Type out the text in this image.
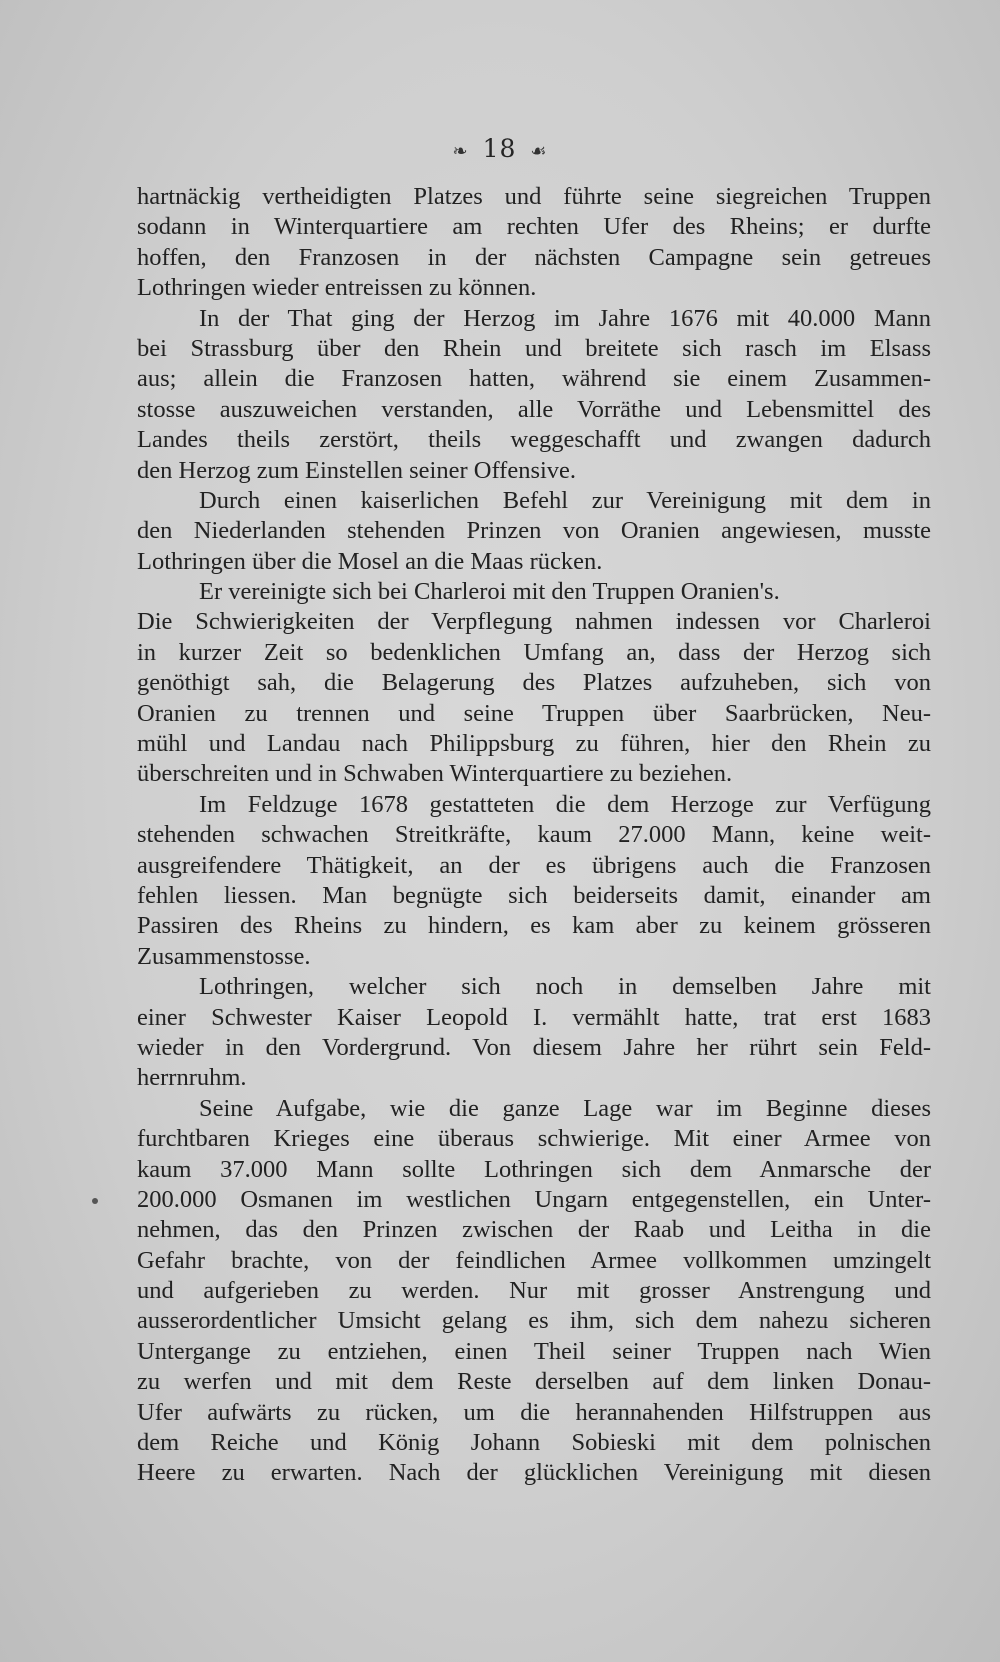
❧ 18 ☙
hartnäckig vertheidigten Platzes und führte seine siegreichen Truppen
sodann in Winterquartiere am rechten Ufer des Rheins; er durfte
hoffen, den Franzosen in der nächsten Campagne sein getreues
Lothringen wieder entreissen zu können.
In der That ging der Herzog im Jahre 1676 mit 40.000 Mann
bei Strassburg über den Rhein und breitete sich rasch im Elsass
aus; allein die Franzosen hatten, während sie einem Zusammen-
stosse auszuweichen verstanden, alle Vorräthe und Lebensmittel des
Landes theils zerstört, theils weggeschafft und zwangen dadurch
den Herzog zum Einstellen seiner Offensive.
Durch einen kaiserlichen Befehl zur Vereinigung mit dem in
den Niederlanden stehenden Prinzen von Oranien angewiesen, musste
Lothringen über die Mosel an die Maas rücken.
Er vereinigte sich bei Charleroi mit den Truppen Oranien's.
Die Schwierigkeiten der Verpflegung nahmen indessen vor Charleroi
in kurzer Zeit so bedenklichen Umfang an, dass der Herzog sich
genöthigt sah, die Belagerung des Platzes aufzuheben, sich von
Oranien zu trennen und seine Truppen über Saarbrücken, Neu-
mühl und Landau nach Philippsburg zu führen, hier den Rhein zu
überschreiten und in Schwaben Winterquartiere zu beziehen.
Im Feldzuge 1678 gestatteten die dem Herzoge zur Verfügung
stehenden schwachen Streitkräfte, kaum 27.000 Mann, keine weit-
ausgreifendere Thätigkeit, an der es übrigens auch die Franzosen
fehlen liessen. Man begnügte sich beiderseits damit, einander am
Passiren des Rheins zu hindern, es kam aber zu keinem grösseren
Zusammenstosse.
Lothringen, welcher sich noch in demselben Jahre mit
einer Schwester Kaiser Leopold I. vermählt hatte, trat erst 1683
wieder in den Vordergrund. Von diesem Jahre her rührt sein Feld-
herrnruhm.
Seine Aufgabe, wie die ganze Lage war im Beginne dieses
furchtbaren Krieges eine überaus schwierige. Mit einer Armee von
kaum 37.000 Mann sollte Lothringen sich dem Anmarsche der
200.000 Osmanen im westlichen Ungarn entgegenstellen, ein Unter-
nehmen, das den Prinzen zwischen der Raab und Leitha in die
Gefahr brachte, von der feindlichen Armee vollkommen umzingelt
und aufgerieben zu werden. Nur mit grosser Anstrengung und
ausserordentlicher Umsicht gelang es ihm, sich dem nahezu sicheren
Untergange zu entziehen, einen Theil seiner Truppen nach Wien
zu werfen und mit dem Reste derselben auf dem linken Donau-
Ufer aufwärts zu rücken, um die herannahenden Hilfstruppen aus
dem Reiche und König Johann Sobieski mit dem polnischen
Heere zu erwarten. Nach der glücklichen Vereinigung mit diesen
